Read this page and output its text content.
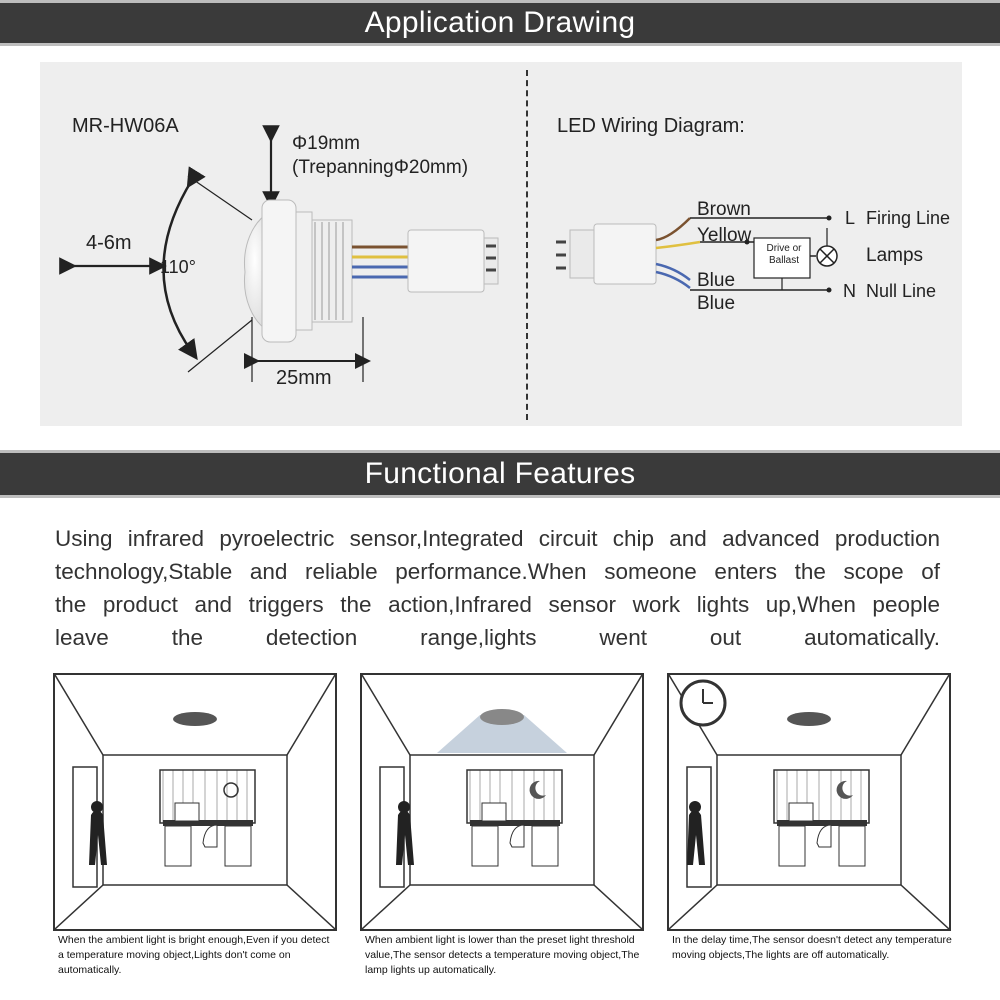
Application Drawing
MR-HW06A
Φ19mm
(TrepanningΦ20mm)
4-6m
110°
25mm
LED Wiring Diagram:
Brown
Yellow
Blue
Blue
Drive or
Ballast
L Firing Line
Lamps
N Null Line
Functional Features
Using infrared pyroelectric sensor,Integrated circuit chip and advanced production
technology,Stable and reliable performance.When someone enters the scope of
the product and triggers the action,Infrared sensor work lights up,When people
leave the detection range,lights went out automatically.
When the ambient light is bright enough,Even if you detect a temperature moving object,Lights don't come on automatically.
When ambient light is lower than the preset light threshold value,The sensor detects a temperature moving object,The lamp lights up automatically.
In the delay time,The sensor doesn't detect any temperature moving objects,The lights are off automatically.
